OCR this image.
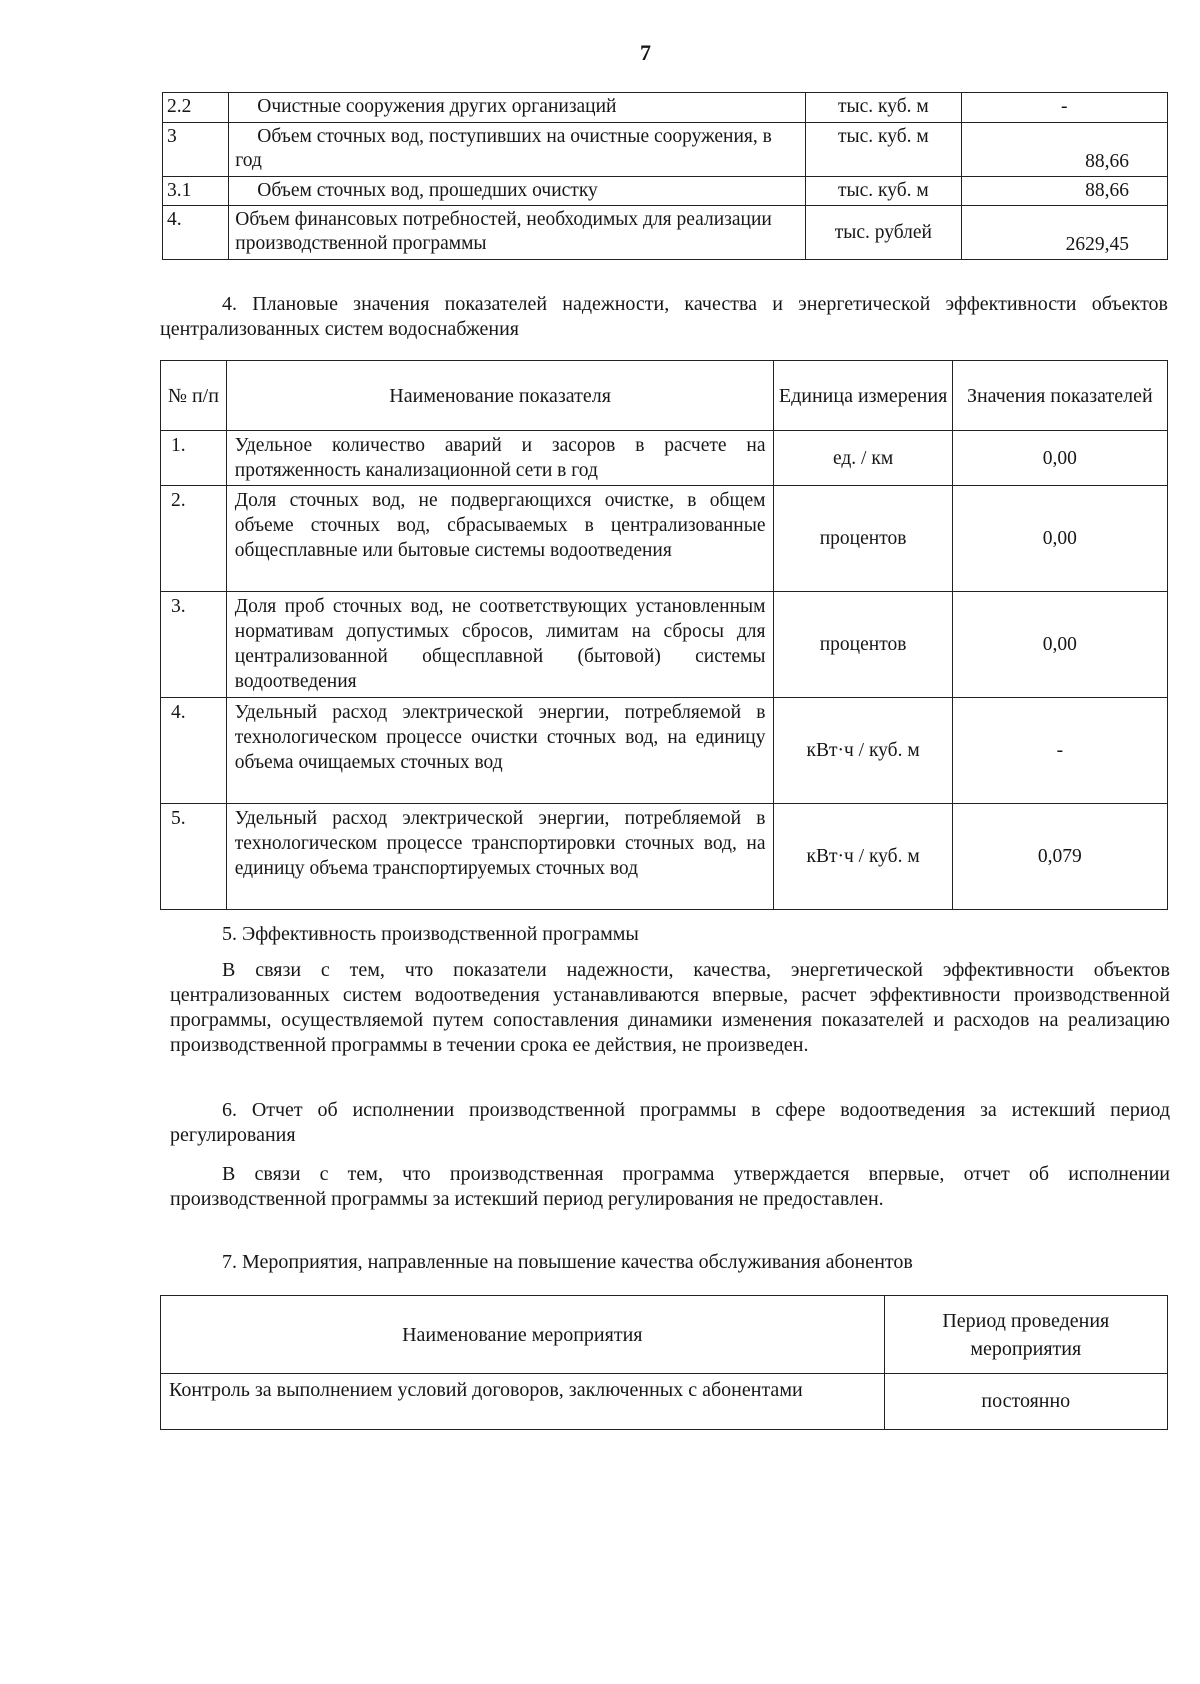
7
2.2	Очистные сооружения других организаций	тыс. куб. м	-
3	Объем сточных вод, поступивших на очистные сооружения, в год	тыс. куб. м	88,66
3.1	Объем сточных вод, прошедших очистку	тыс. куб. м	88,66
4.	Объем финансовых потребностей, необходимых для реализации производственной программы	тыс. рублей	2629,45
4. Плановые значения показателей надежности, качества и энергетической эффективности объектов централизованных систем водоснабжения
№ п/п	Наименование показателя	Единица измерения	Значения показателей
1.	Удельное количество аварий и засоров в расчете на протяженность канализационной сети в год	ед. / км	0,00
2.	Доля сточных вод, не подвергающихся очистке, в общем объеме сточных вод, сбрасываемых в централизованные общесплавные или бытовые системы водоотведения	процентов	0,00
3.	Доля проб сточных вод, не соответствующих установленным нормативам допустимых сбросов, лимитам на сбросы для централизованной общесплавной (бытовой) системы водоотведения	процентов	0,00
4.	Удельный расход электрической энергии, потребляемой в технологическом процессе очистки сточных вод, на единицу объема очищаемых сточных вод	кВт·ч / куб. м	-
5.	Удельный расход электрической энергии, потребляемой в технологическом процессе транспортировки сточных вод, на единицу объема транспортируемых сточных вод	кВт·ч / куб. м	0,079
5. Эффективность производственной программы
В связи с тем, что показатели надежности, качества, энергетической эффективности объектов централизованных систем водоотведения устанавливаются впервые, расчет эффективности производственной программы, осуществляемой путем сопоставления динамики изменения показателей и расходов на реализацию производственной программы в течении срока ее действия, не произведен.
6. Отчет об исполнении производственной программы в сфере водоотведения за истекший период регулирования
В связи с тем, что производственная программа утверждается впервые, отчет об исполнении производственной программы за истекший период регулирования не предоставлен.
7. Мероприятия, направленные на повышение качества обслуживания абонентов
Наименование мероприятия	Период проведения мероприятия
Контроль за выполнением условий договоров, заключенных с абонентами	постоянно
